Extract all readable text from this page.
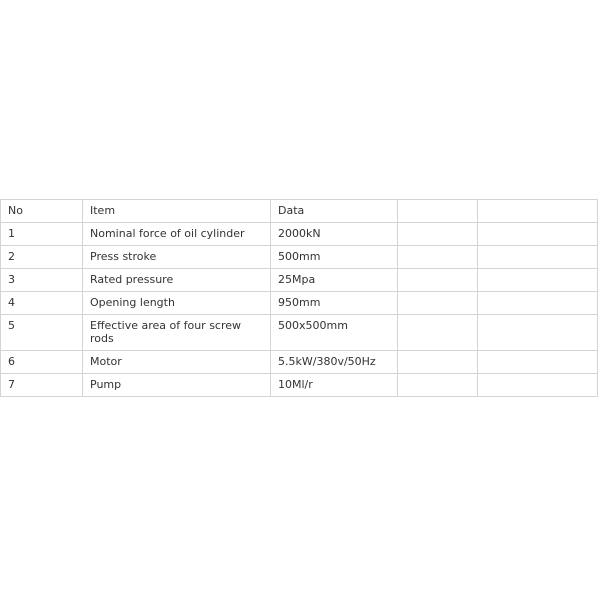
No	Item	Data		
1	Nominal force of oil cylinder	2000kN		
2	Press stroke	500mm		
3	Rated pressure	25Mpa		
4	Opening length	950mm		
5	Effective area of four screw rods	500x500mm		
6	Motor	5.5kW/380v/50Hz		
7	Pump	10Ml/r		
